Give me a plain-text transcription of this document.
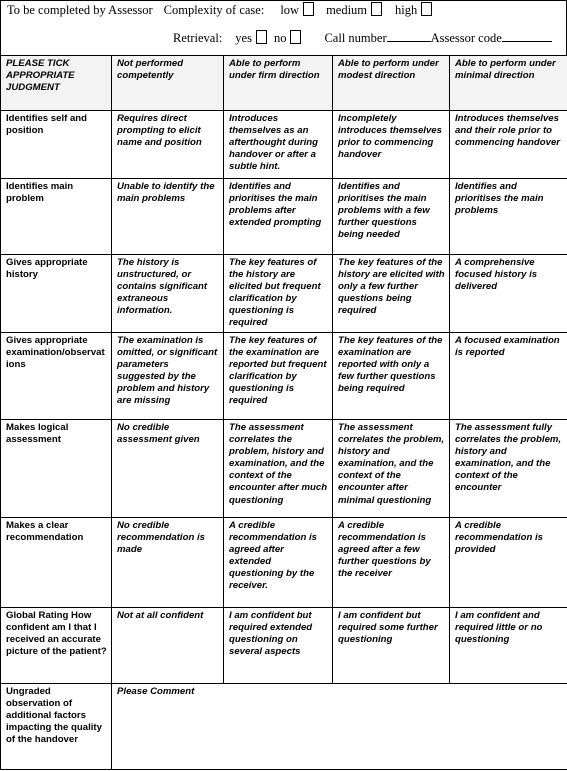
To be completed by Assessor Complexity of case: low medium high
Retrieval: yes no	Call number	Assessor code
PLEASE TICK APPROPRIATE JUDGMENT	Not performed competently	Able to perform under firm direction	Able to perform under modest direction	Able to perform under minimal direction
Identifies self and position	Requires direct prompting to elicit name and position	Introduces themselves as an afterthought during handover or after a subtle hint.	Incompletely introduces themselves prior to commencing handover	Introduces themselves and their role prior to commencing handover
Identifies main problem	Unable to identify the main problems	Identifies and prioritises the main problems after extended prompting	Identifies and prioritises the main problems with a few further questions being needed	Identifies and prioritises the main problems
Gives appropriate history	The history is unstructured, or contains significant extraneous information.	The key features of the history are elicited but frequent clarification by questioning is required	The key features of the history are elicited with only a few further questions being required	A comprehensive focused history is delivered
Gives appropriate examination/observations	The examination is omitted, or significant parameters suggested by the problem and history are missing	The key features of the examination are reported but frequent clarification by questioning is required	The key features of the examination are reported with only a few further questions being required	A focused examination is reported
Makes logical assessment	No credible assessment given	The assessment correlates the problem, history and examination, and the context of the encounter after much questioning	The assessment correlates the problem, history and examination, and the context of the encounter after minimal questioning	The assessment fully correlates the problem, history and examination, and the context of the encounter
Makes a clear recommendation	No credible recommendation is made	A credible recommendation is agreed after extended questioning by the receiver.	A credible recommendation is agreed after a few further questions by the receiver	A credible recommendation is provided
Global Rating How confident am I that I received an accurate picture of the patient?	Not at all confident	I am confident but required extended questioning on several aspects	I am confident but required some further questioning	I am confident and required little or no questioning
Ungraded observation of additional factors impacting the quality of the handover	Please Comment			
